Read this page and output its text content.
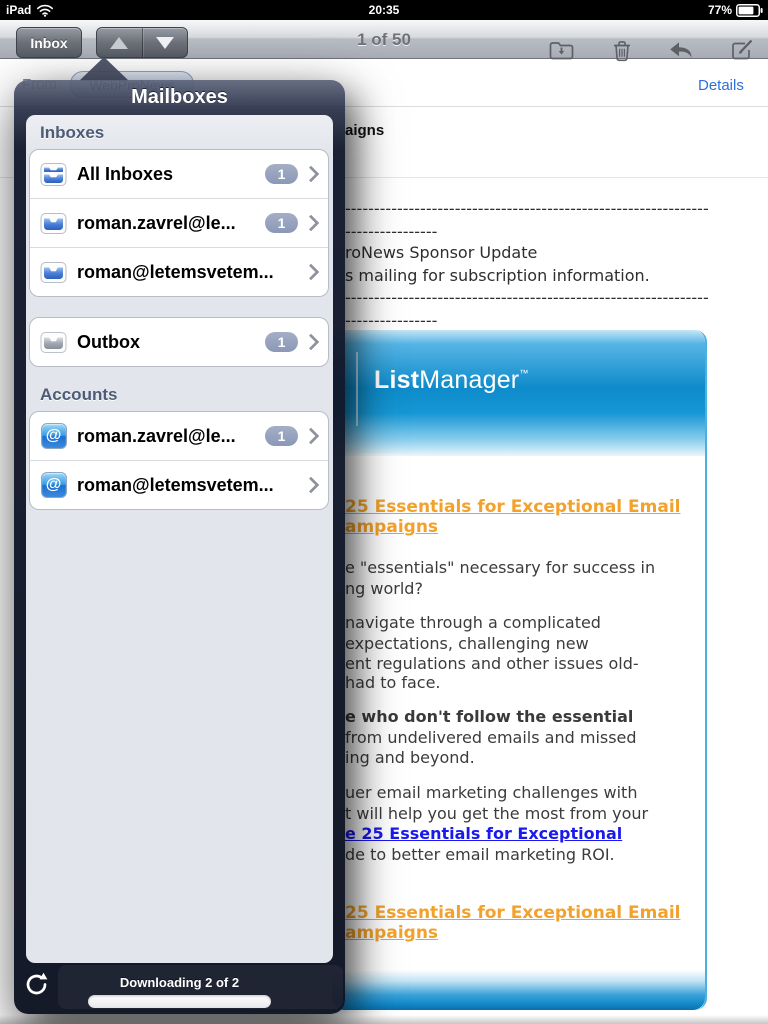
Details
aigns
---------------------------------------------------------------
----------------
roNews Sponsor Update
s mailing for subscription information.
---------------------------------------------------------------
----------------
ListManager™
25 Essentials for Exceptional Email
ampaigns
e "essentials" necessary for success in
ng world?
navigate through a complicated
expectations, challenging new
ent regulations and other issues old-
had to face.
e who don't follow the essential
from undelivered emails and missed
ing and beyond.
uer email marketing challenges with
t will help you get the most from your
e 25 Essentials for Exceptional
de to better email marketing ROI.
25 Essentials for Exceptional Email
ampaigns
1 of 50
Inbox
iPad	20:35	77%
Mailboxes
Inboxes
All Inboxes	1
roman.zavrel@le...	1
roman@letemsvetem...
Outbox	1
Accounts
@ roman.zavrel@le...	1
@ roman@letemsvetem...
Downloading 2 of 2
